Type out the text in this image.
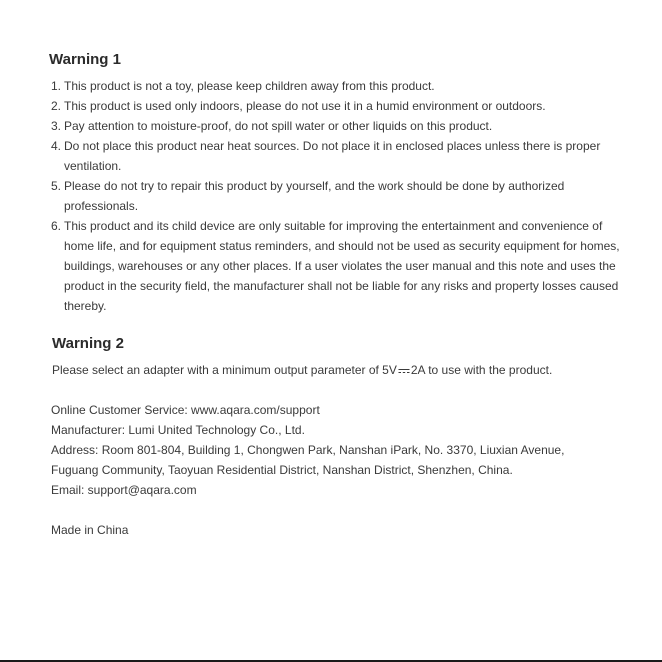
Warning 1
1. This product is not a toy, please keep children away from this product.
2. This product is used only indoors, please do not use it in a humid environment or outdoors.
3. Pay attention to moisture-proof, do not spill water or other liquids on this product.
4. Do not place this product near heat sources. Do not place it in enclosed places unless there is proper ventilation.
5. Please do not try to repair this product by yourself, and the work should be done by authorized professionals.
6. This product and its child device are only suitable for improving the entertainment and convenience of home life, and for equipment status reminders, and should not be used as security equipment for homes, buildings, warehouses or any other places. If a user violates the user manual and this note and uses the product in the security field, the manufacturer shall not be liable for any risks and property losses caused thereby.
Warning 2

Please select an adapter with a minimum output parameter of 5V 2A to use with the product.

Online Customer Service: www.aqara.com/support

Manufacturer: Lumi United Technology Co., Ltd.

Address: Room 801-804, Building 1, Chongwen Park, Nanshan iPark, No. 3370, Liuxian Avenue, Fuguang Community, Taoyuan Residential District, Nanshan District, Shenzhen, China.

Email: support@aqara.com

Made in China
